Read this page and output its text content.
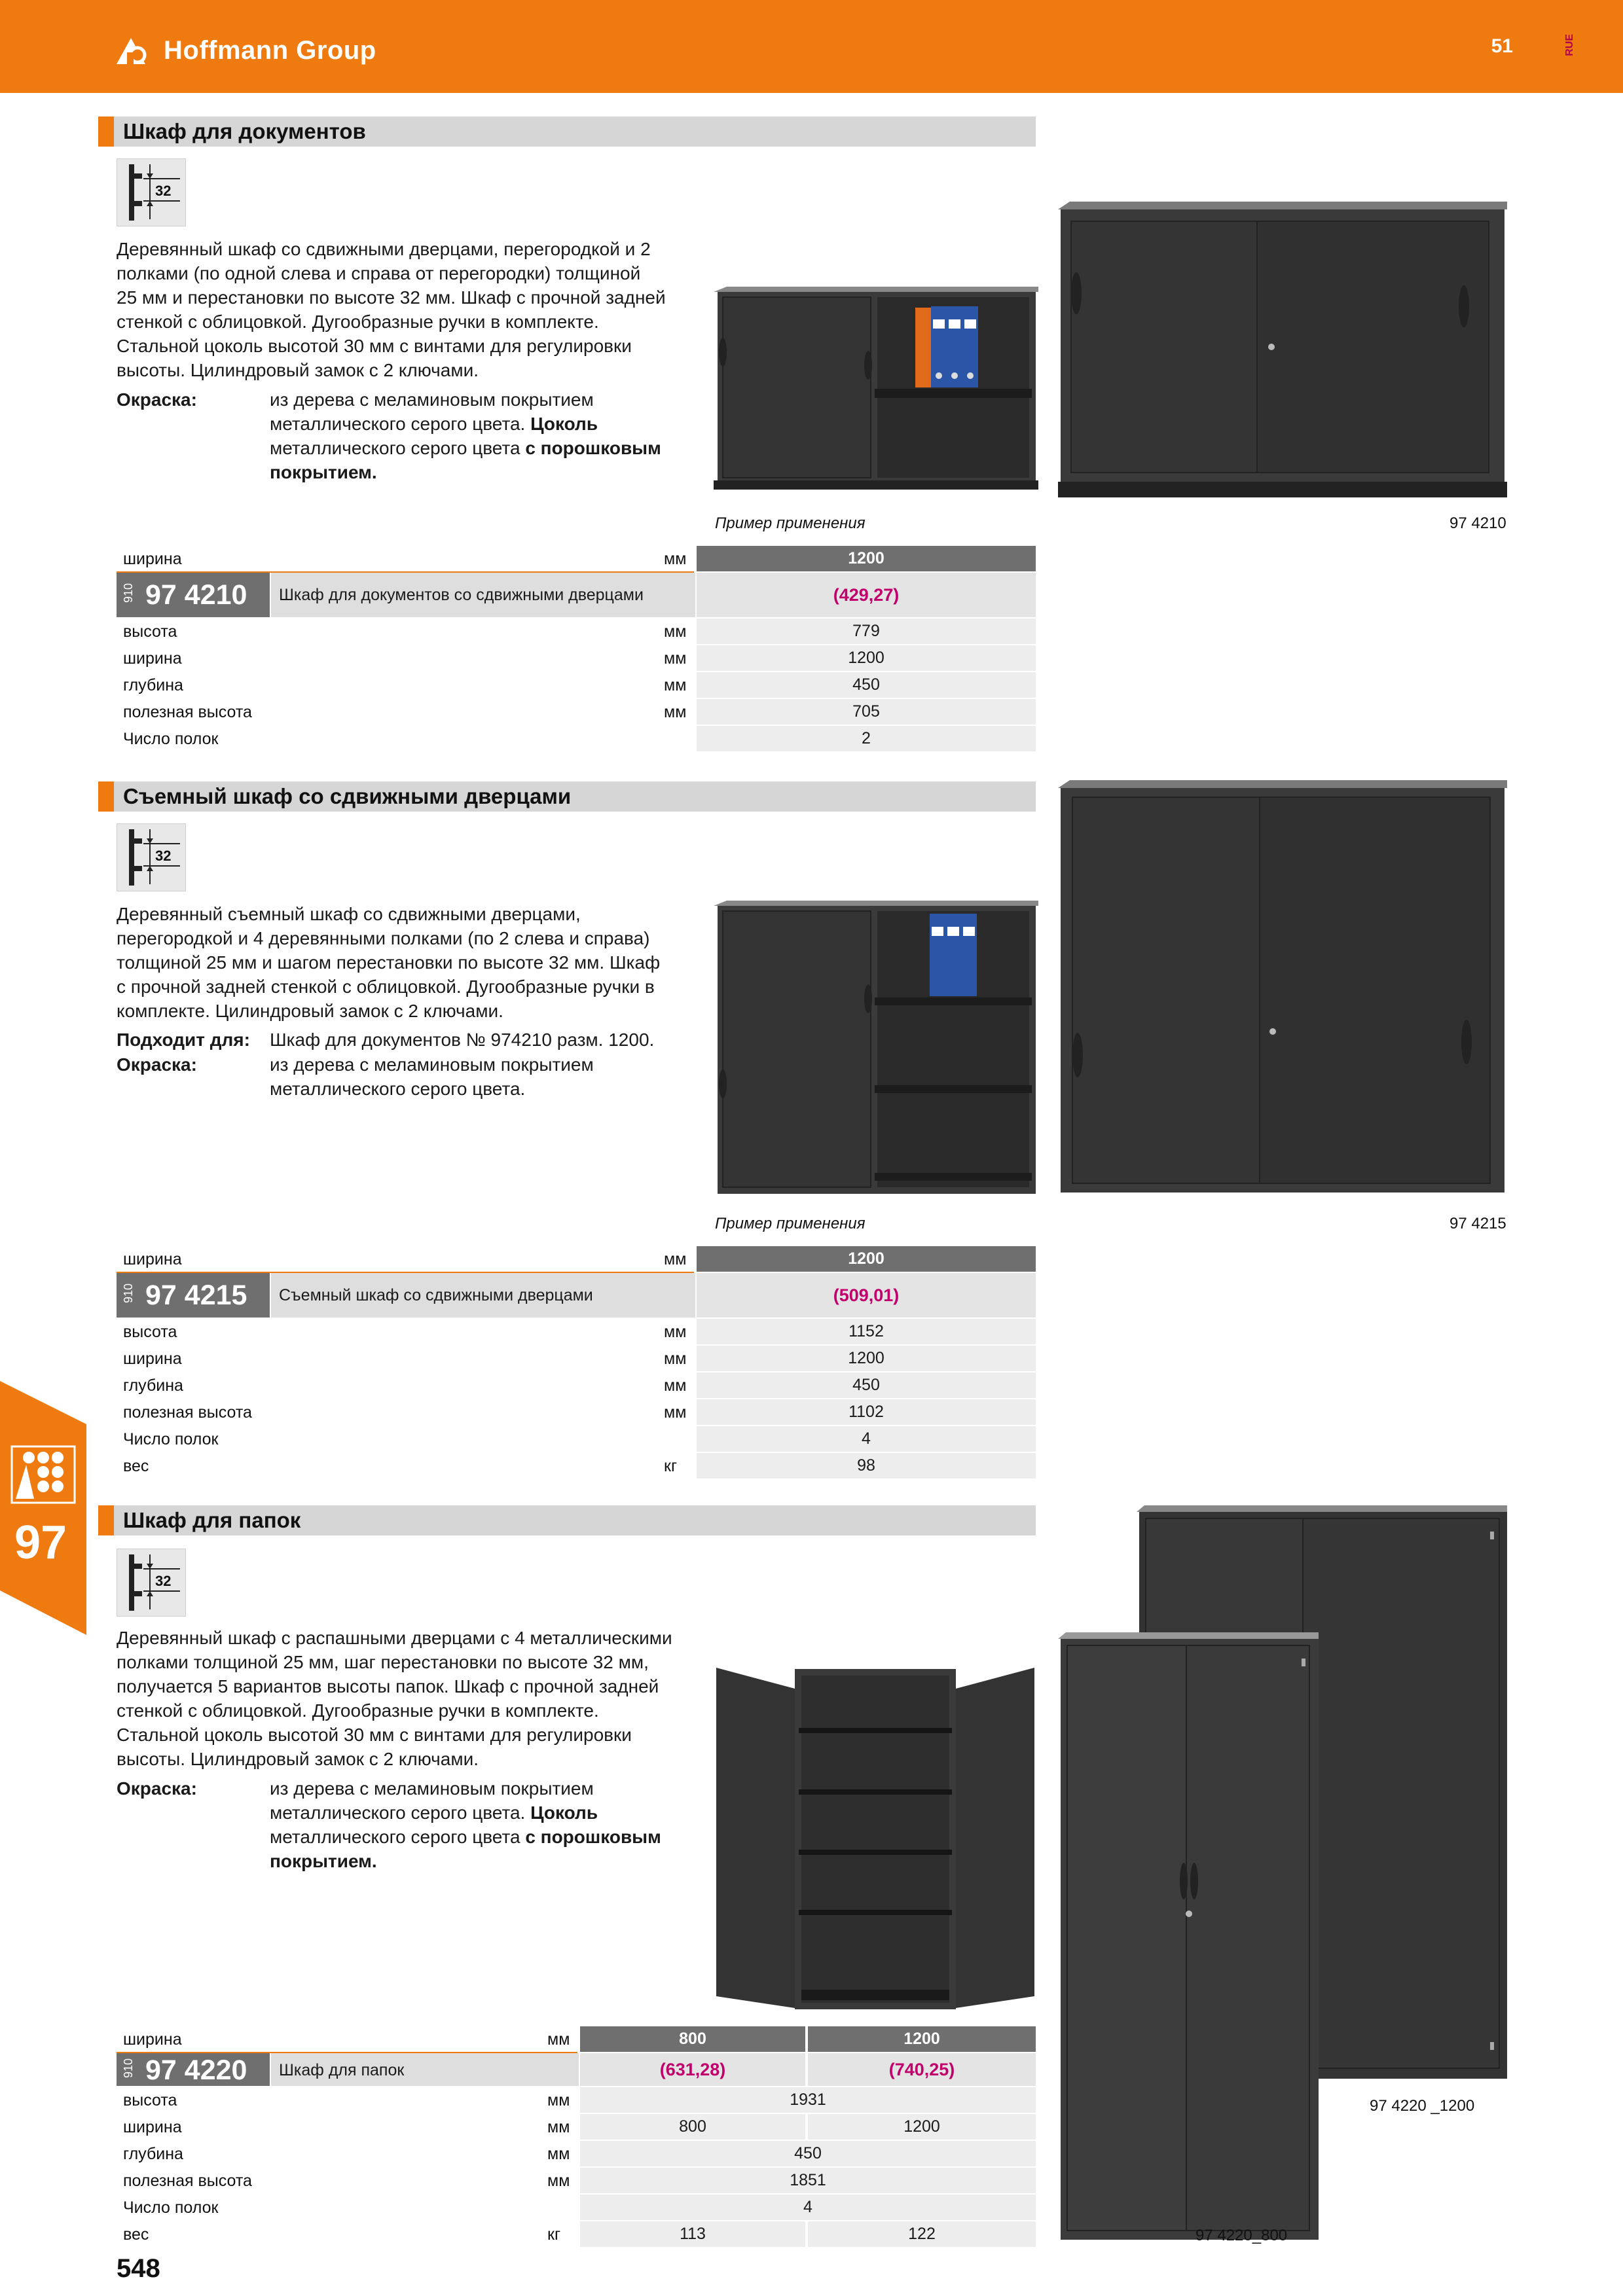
Hoffmann Group	51	RUE
97
Шкаф для документов
32
Деревянный шкаф со сдвижными дверцами, перегородкой и 2
полками (по одной слева и справа от перегородки) толщиной
25 мм и перестановки по высоте 32 мм. Шкаф с прочной задней
стенкой с облицовкой. Дугообразные ручки в комплекте.
Стальной цоколь высотой 30 мм с винтами для регулировки
высоты. Цилиндровый замок с 2 ключами.
Окраска:	из дерева с меламиновым покрытием
металлического серого цвета. Цоколь
металлического серого цвета с порошковым
покрытием.
Пример применения	97 4210
ширина	мм	1200
910 97 4210 Шкаф для документов со сдвижными дверцами	(429,27)
высота	мм	779
ширина	мм	1200
глубина	мм	450
полезная высота	мм	705
Число полок	2
Съемный шкаф со сдвижными дверцами
32
Деревянный съемный шкаф со сдвижными дверцами,
перегородкой и 4 деревянными полками (по 2 слева и справа)
толщиной 25 мм и шагом перестановки по высоте 32 мм. Шкаф
с прочной задней стенкой с облицовкой. Дугообразные ручки в
комплекте. Цилиндровый замок с 2 ключами.
Подходит для:	Шкаф для документов № 974210 разм. 1200.
Окраска:	из дерева с меламиновым покрытием
металлического серого цвета.
Пример применения	97 4215
ширина	мм	1200
910 97 4215 Съемный шкаф со сдвижными дверцами	(509,01)
высота	мм	1152
ширина	мм	1200
глубина	мм	450
полезная высота	мм	1102
Число полок	4
вес	кг	98
Шкаф для папок
32
Деревянный шкаф с распашными дверцами с 4 металлическими
полками толщиной 25 мм, шаг перестановки по высоте 32 мм,
получается 5 вариантов высоты папок. Шкаф с прочной задней
стенкой с облицовкой. Дугообразные ручки в комплекте.
Стальной цоколь высотой 30 мм с винтами для регулировки
высоты. Цилиндровый замок с 2 ключами.
Окраска:	из дерева с меламиновым покрытием
металлического серого цвета. Цоколь
металлического серого цвета с порошковым
покрытием.
97 4220 _1200
97 4220_800
ширина	мм	800	1200
910 97 4220 Шкаф для папок	(631,28)	(740,25)
высота	мм	1931
ширина	мм	800	1200
глубина	мм	450
полезная высота	мм	1851
Число полок	4
вес	кг	113	122
548
